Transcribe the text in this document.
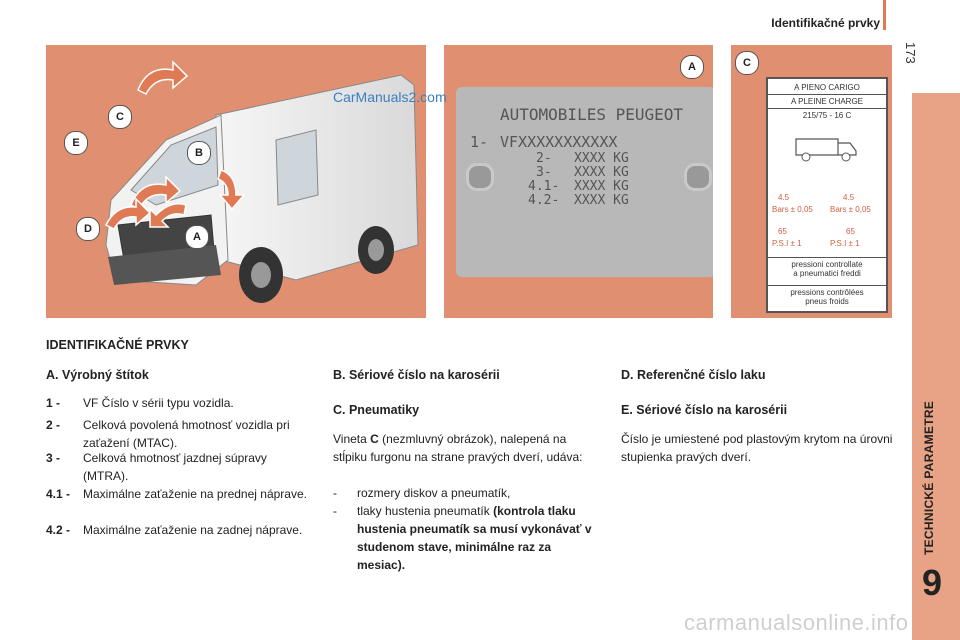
Identifikačné prvky
173
TECHNICKÉ PARAMETRE
9
C
E
B
D
A
AUTOMOBILES PEUGEOT
1- VFXXXXXXXXXXX
2- XXXX KG
3- XXXX KG
4.1- XXXX KG
4.2- XXXX KG
A	C
A PIENO CARIGO
A PLEINE CHARGE
215/75 - 16 C
4.5	4.5
Bars ± 0,05 Bars ± 0,05
65	65
P.S.I ± 1	P.S.I ± 1
pressioni controllate
a pneumatici freddi
pressions contrôlées
pneus froids
CarManuals2.com
IDENTIFIKAČNÉ PRVKY
A. Výrobný štítok
1 - VF Číslo v sérii typu vozidla.
2 - Celková povolená hmotnosť vozidla pri zaťažení (MTAC).
3 - Celková hmotnosť jazdnej súpravy (MTRA).
4.1 - Maximálne zaťaženie na prednej náprave.
4.2 - Maximálne zaťaženie na zadnej náprave.
B. Sériové číslo na karosérii
C. Pneumatiky
Vineta C (nezmluvný obrázok), nalepená na stĺpiku furgonu na strane pravých dverí, udáva:
- rozmery diskov a pneumatík,
- tlaky hustenia pneumatík (kontrola tlaku hustenia pneumatík sa musí vykonávať v studenom stave, minimálne raz za mesiac).
D. Referenčné číslo laku
E. Sériové číslo na karosérii
Číslo je umiestené pod plastovým krytom na úrovni stupienka pravých dverí.
carmanualsonline.info
